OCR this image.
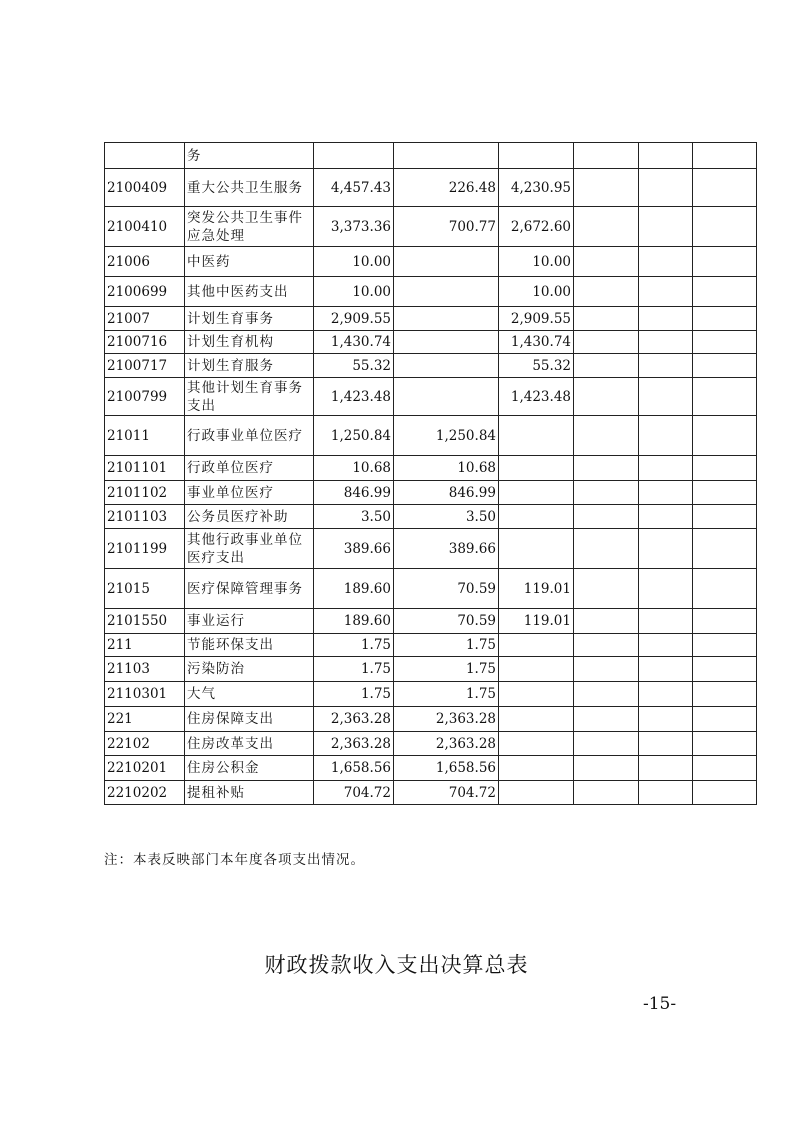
	务						
2100409	重大公共卫生服务	4,457.43	226.48	4,230.95			
2100410	突发公共卫生事件应急处理	3,373.36	700.77	2,672.60			
21006	中医药	10.00		10.00			
2100699	其他中医药支出	10.00		10.00			
21007	计划生育事务	2,909.55		2,909.55			
2100716	计划生育机构	1,430.74		1,430.74			
2100717	计划生育服务	55.32		55.32			
2100799	其他计划生育事务支出	1,423.48		1,423.48			
21011	行政事业单位医疗	1,250.84	1,250.84				
2101101	行政单位医疗	10.68	10.68				
2101102	事业单位医疗	846.99	846.99				
2101103	公务员医疗补助	3.50	3.50				
2101199	其他行政事业单位医疗支出	389.66	389.66				
21015	医疗保障管理事务	189.60	70.59	119.01			
2101550	事业运行	189.60	70.59	119.01			
211	节能环保支出	1.75	1.75				
21103	污染防治	1.75	1.75				
2110301	大气	1.75	1.75				
221	住房保障支出	2,363.28	2,363.28				
22102	住房改革支出	2,363.28	2,363.28				
2210201	住房公积金	1,658.56	1,658.56				
2210202	提租补贴	704.72	704.72				
注：本表反映部门本年度各项支出情况。
财政拨款收入支出决算总表
-15-
